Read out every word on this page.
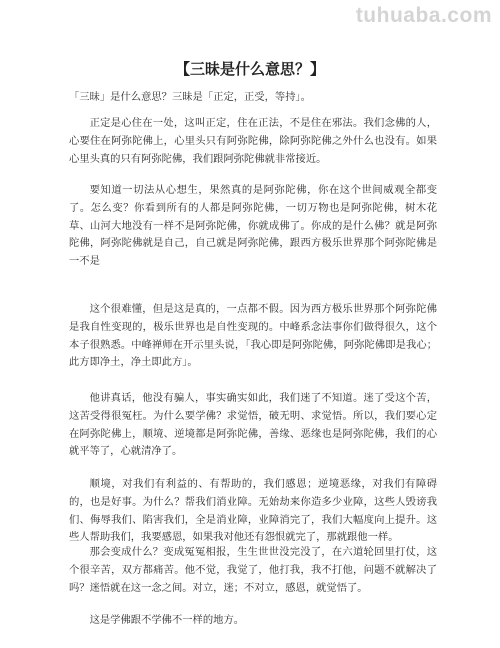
tuhuaba.com
【三昧是什么意思？】

「三昧」是什么意思？三昧是「正定，正受，等持」。

正定是心住在一处，这叫正定，住在正法，不是住在邪法。我们念佛的人，心要住在阿弥陀佛上，心里头只有阿弥陀佛，除阿弥陀佛之外什么也没有。如果心里头真的只有阿弥陀佛，我们跟阿弥陀佛就非常接近。

要知道一切法从心想生，果然真的是阿弥陀佛，你在这个世间威观全都变了。怎么变？你看到所有的人都是阿弥陀佛，一切万物也是阿弥陀佛，树木花草、山河大地没有一样不是阿弥陀佛，你就成佛了。你成的是什么佛？就是阿弥陀佛，阿弥陀佛就是自己，自己就是阿弥陀佛，跟西方极乐世界那个阿弥陀佛是一不是

这个很难懂，但是这是真的，一点都不假。因为西方极乐世界那个阿弥陀佛是我自性变现的，极乐世界也是自性变现的。中峰系念法事你们做得很久，这个本子很熟悉。中峰禅师在开示里头说，「我心即是阿弥陀佛，阿弥陀佛即是我心；此方即净土，净土即此方」。

他讲真话，他没有骗人，事实确实如此，我们迷了不知道。迷了受这个苦，这苦受得很冤枉。为什么要学佛？求觉悟，破无明、求觉悟。所以，我们要心定在阿弥陀佛上，顺境、逆境都是阿弥陀佛，善缘、恶缘也是阿弥陀佛，我们的心就平等了，心就清净了。

顺境，对我们有利益的、有帮助的，我们感恩；逆境恶缘，对我们有障碍的，也是好事。为什么？帮我们消业障。无始劫来你造多少业障，这些人毁谤我们、侮辱我们、陷害我们，全是消业障，业障消完了，我们大幅度向上提升。这些人帮助我们，我要感恩，如果我对他还有怨恨就完了，那就跟他一样。

那会变成什么？变成冤冤相报，生生世世没完没了，在六道轮回里打仗，这个很辛苦，双方都痛苦。他不觉，我觉了，他打我，我不打他，问题不就解决了吗？迷悟就在这一念之间。对立，迷；不对立，感恩，就觉悟了。

这是学佛跟不学佛不一样的地方。
